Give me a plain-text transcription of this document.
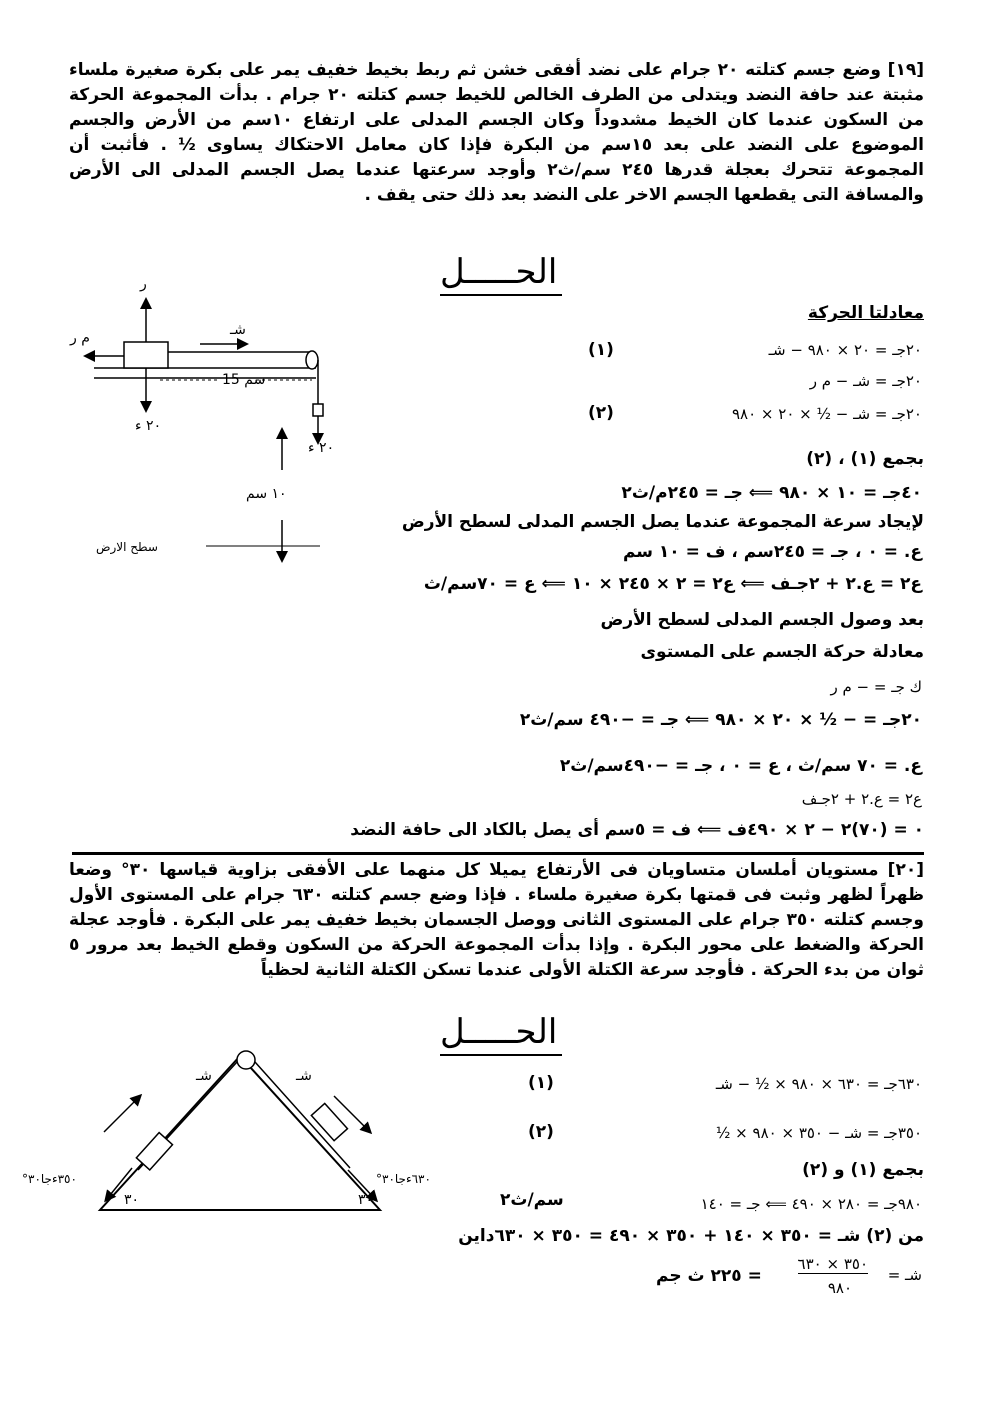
[١٩] وضع جسم كتلته ٢٠ جرام على نضد أفقى خشن ثم ربط بخيط خفيف يمر على بكرة صغيرة ملساء مثبتة عند حافة النضد ويتدلى من الطرف الخالص للخيط جسم كتلته ٢٠ جرام . بدأت المجموعة الحركة من السكون عندما كان الخيط مشدوداً وكان الجسم المدلى على ارتفاع ١٠سم من الأرض والجسم الموضوع على النضد على بعد ١٥سم من البكرة فإذا كان معامل الاحتكاك يساوى ½ . فأثبت أن المجموعة تتحرك بعجلة قدرها ٢٤٥ سم/ث٢ وأوجد سرعتها عندما يصل الجسم المدلى الى الأرض والمسافة التى يقطعها الجسم الاخر على النضد بعد ذلك حتى يقف .
الحـــــل
معادلتا الحركة
٢٠جـ = ٢٠ × ٩٨٠ − شـ
(١)
٢٠جـ = شـ − م ر
٢٠جـ = شـ − ½ × ٢٠ × ٩٨٠
(٢)
بجمع (١) ، (٢)
٤٠جـ = ١٠ × ٩٨٠ ⟸ جـ = ٢٤٥م/ث٢
لإيجاد سرعة المجموعة عندما يصل الجسم المدلى لسطح الأرض
ع. = ٠ ، جـ = ٢٤٥سم ، ف = ١٠ سم
ع٢ = ع.٢ + ٢جـف ⟸ ع٢ = ٢ × ٢٤٥ × ١٠ ⟸ ع = ٧٠سم/ث
بعد وصول الجسم المدلى لسطح الأرض
معادلة حركة الجسم على المستوى
ك جـ = − م ر
٢٠جـ = − ½ × ٢٠ × ٩٨٠ ⟸ جـ = −٤٩٠ سم/ث٢
ع. = ٧٠ سم/ث ، ع = ٠ ، جـ = −٤٩٠سم/ث٢
ع٢ = ع.٢ + ٢جـف
٠ = (٧٠)٢ − ٢ × ٤٩٠ف ⟸ ف = ٥سم أى يصل بالكاد الى حافة النضد
ر
م ر	شـ
15 سم
٢٠ ء
٢٠ ء
١٠ سم
سطح الارض
[٢٠] مستويان أملسان متساويان فى الأرتفاع يميلا كل منهما على الأفقى بزاوية قياسها ٣٠° وضعا ظهراً لظهر وثبت فى قمتها بكرة صغيرة ملساء . فإذا وضع جسم كتلته ٦٣٠ جرام على المستوى الأول وجسم كتلته ٣٥٠ جرام على المستوى الثانى ووصل الجسمان بخيط خفيف يمر على البكرة . فأوجد عجلة الحركة والضغط على محور البكرة . وإذا بدأت المجموعة الحركة من السكون وقطع الخيط بعد مرور ٥ ثوان من بدء الحركة . فأوجد سرعة الكتلة الأولى عندما تسكن الكتلة الثانية لحظياً
الحـــــل
٦٣٠جـ = ٦٣٠ × ٩٨٠ × ½ − شـ
(١)
٣٥٠جـ = شـ − ٣٥٠ × ٩٨٠ × ½
(٢)
بجمع (١) و (٢)
٩٨٠جـ = ٢٨٠ × ٤٩٠ ⟸ جـ = ١٤٠
سم/ث٢
من (٢) شـ = ٣٥٠ × ١٤٠ + ٣٥٠ × ٤٩٠ = ٣٥٠ × ٦٣٠داين
شـ =
٣٥٠ × ٦٣٠
٩٨٠
= ٢٢٥ ث جم
شـ	شـ
٣٥٠ءجا٣٠°	٦٣٠ءجا٣٠°
٣٠	٣٠
